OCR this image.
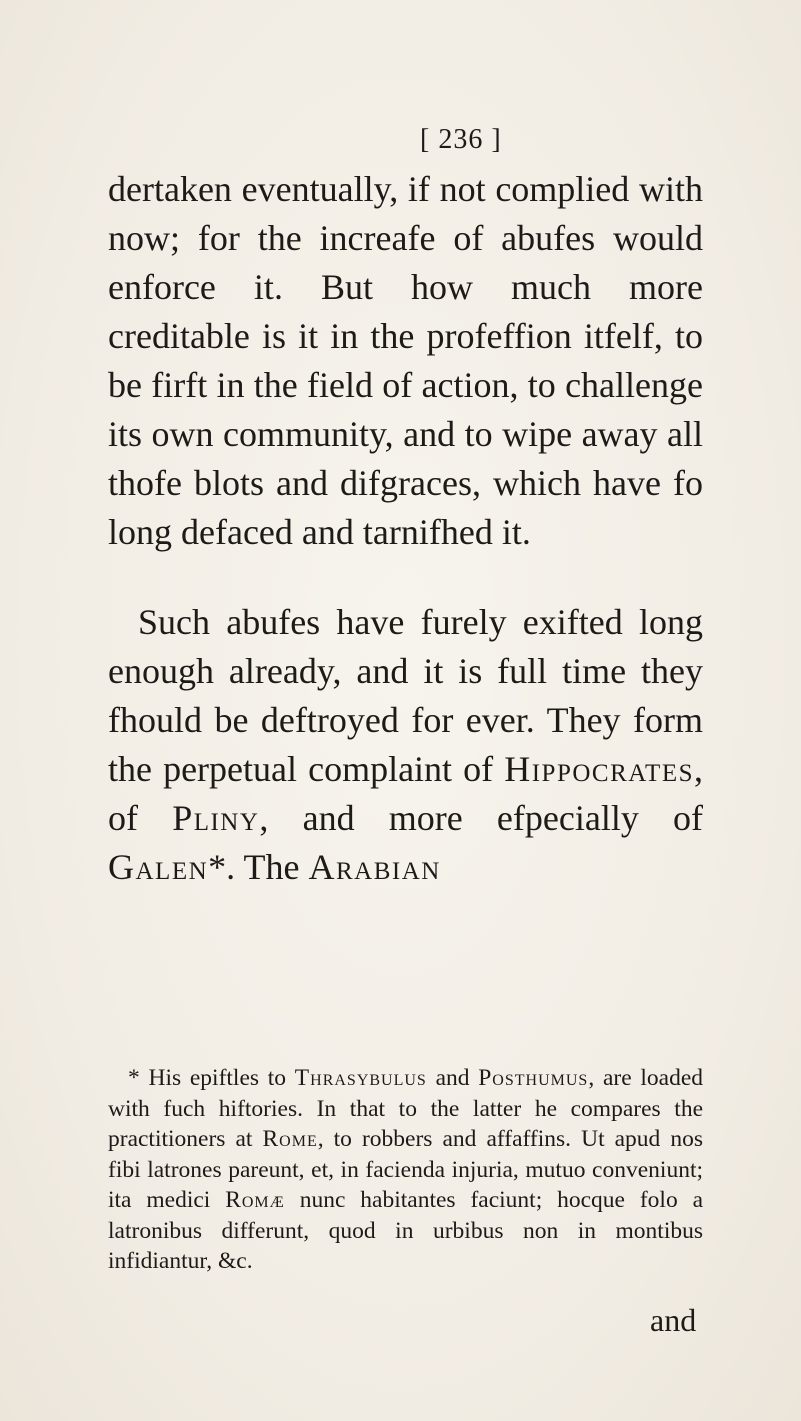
[ 236 ]

dertaken eventually, if not complied with now; for the increafe of abufes would enforce it. But how much more creditable is it in the profeffion itfelf, to be firft in the field of action, to challenge its own community, and to wipe away all thofe blots and difgraces, which have fo long defaced and tarnifhed it.

Such abufes have furely exifted long enough already, and it is full time they fhould be deftroyed for ever. They form the perpetual complaint of Hippocrates, of Pliny, and more efpecially of Galen*. The Arabian

* His epiftles to Thrasybulus and Posthumus, are loaded with fuch hiftories. In that to the latter he compares the practitioners at Rome, to robbers and affaffins. Ut apud nos fibi latrones pareunt, et, in facienda injuria, mutuo conveniunt; ita medici Romæ nunc habitantes faciunt; hocque folo a latronibus differunt, quod in urbibus non in montibus infidiantur, &c.

and
